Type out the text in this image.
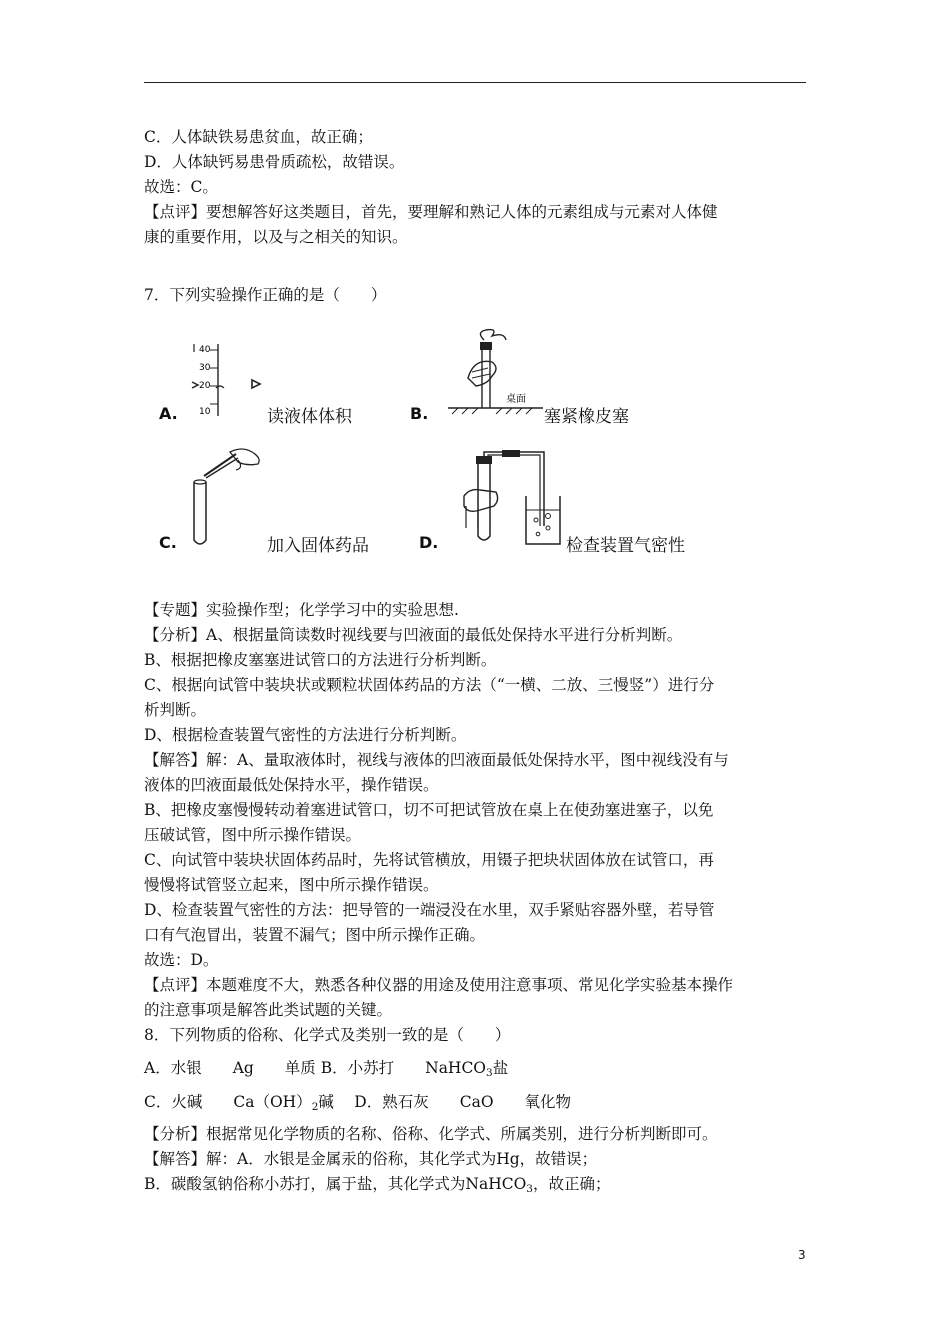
C．人体缺铁易患贫血，故正确；
D．人体缺钙易患骨质疏松，故错误。
故选：C。
【点评】要想解答好这类题目，首先，要理解和熟记人体的元素组成与元素对人体健
康的重要作用，以及与之相关的知识。
7．下列实验操作正确的是（　　）
A.
40
30
20
10	读液体体积	B.
桌面
塞紧橡皮塞
C.	加入固体药品	D.	检查装置气密性
【专题】实验操作型；化学学习中的实验思想.
【分析】A、根据量筒读数时视线要与凹液面的最低处保持水平进行分析判断。
B、根据把橡皮塞塞进试管口的方法进行分析判断。
C、根据向试管中装块状或颗粒状固体药品的方法（“一横、二放、三慢竖”）进行分
析判断。
D、根据检查装置气密性的方法进行分析判断。
【解答】解：A、量取液体时，视线与液体的凹液面最低处保持水平，图中视线没有与
液体的凹液面最低处保持水平，操作错误。
B、把橡皮塞慢慢转动着塞进试管口，切不可把试管放在桌上在使劲塞进塞子，以免
压破试管，图中所示操作错误。
C、向试管中装块状固体药品时，先将试管横放，用镊子把块状固体放在试管口，再
慢慢将试管竖立起来，图中所示操作错误。
D、检查装置气密性的方法：把导管的一端浸没在水里，双手紧贴容器外壁，若导管
口有气泡冒出，装置不漏气；图中所示操作正确。
故选：D。
【点评】本题难度不大，熟悉各种仪器的用途及使用注意事项、常见化学实验基本操作
的注意事项是解答此类试题的关键。
8．下列物质的俗称、化学式及类别一致的是（　　）
A．水银　　Ag　　单质 B．小苏打　　NaHCO$_3$盐
C．火碱　　$Ca(OH)_2$碱　 D．熟石灰　　CaO　　氧化物
【分析】根据常见化学物质的名称、俗称、化学式、所属类别，进行分析判断即可。
【解答】解：A．水银是金属汞的俗称，其化学式为Hg，故错误；
B．碳酸氢钠俗称小苏打，属于盐，其化学式为NaHCO$_3$，故正确；
3
